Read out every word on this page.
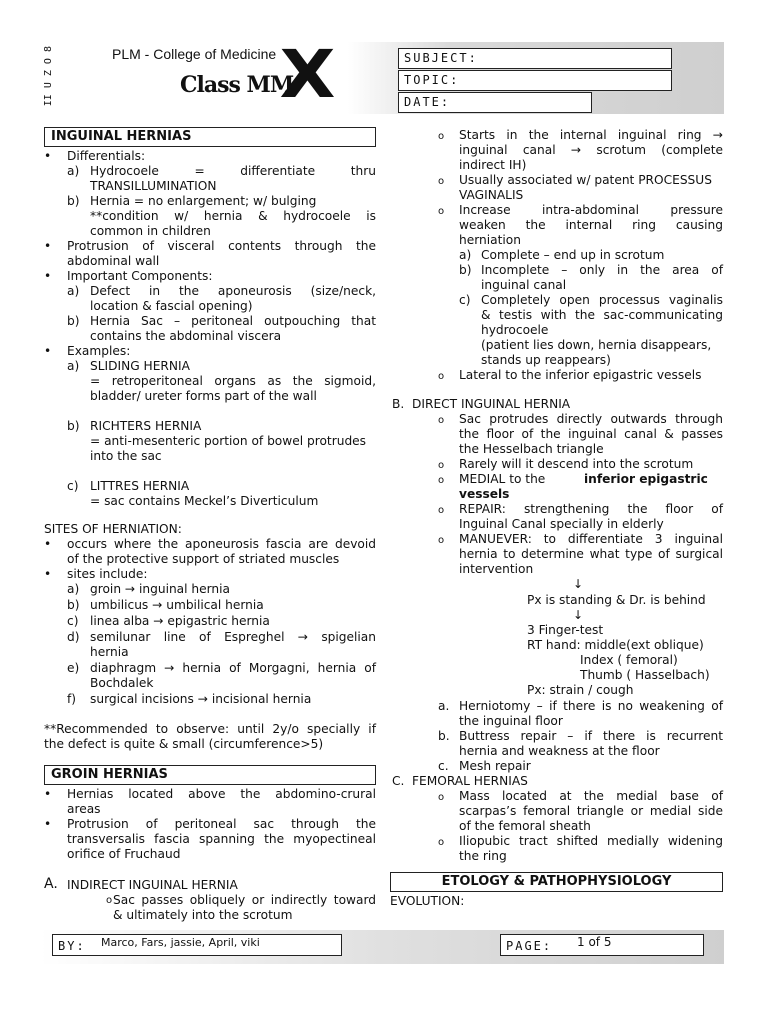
II U Z O 8	PLM - College of Medicine
Class MM
X	SUBJECT:
TOPIC:
DATE:
INGUINAL HERNIAS
• Differentials:
a) Hydrocoele = differentiate thru
TRANSILLUMINATION
b) Hernia = no enlargement; w/ bulging
**condition w/ hernia & hydrocoele is
common in children
• Protrusion of visceral contents through the
abdominal wall
• Important Components:
a) Defect in the aponeurosis (size/neck,
location & fascial opening)
b) Hernia Sac – peritoneal outpouching that
contains the abdominal viscera
• Examples:
a) SLIDING HERNIA
= retroperitoneal organs as the sigmoid,
bladder/ ureter forms part of the wall
b) RICHTERS HERNIA
= anti-mesenteric portion of bowel protrudes
into the sac
c) LITTRES HERNIA
= sac contains Meckel’s Diverticulum
SITES OF HERNIATION:
• occurs where the aponeurosis fascia are devoid
of the protective support of striated muscles
• sites include:
a) groin → inguinal hernia
b) umbilicus → umbilical hernia
c) linea alba → epigastric hernia
d) semilunar line of Espreghel → spigelian
hernia
e) diaphragm → hernia of Morgagni, hernia of
Bochdalek
f) surgical incisions → incisional hernia
**Recommended to observe: until 2y/o specially if
the defect is quite & small (circumference>5)
GROIN HERNIAS
• Hernias located above the abdomino-crural
areas
• Protrusion of peritoneal sac through the
transversalis fascia spanning the myopectineal
orifice of Fruchaud
A. INDIRECT INGUINAL HERNIA
o Sac passes obliquely or indirectly toward
& ultimately into the scrotum
o Starts in the internal inguinal ring →
inguinal canal → scrotum (complete
indirect IH)
o Usually associated w/ patent PROCESSUS
VAGINALIS
o Increase intra-abdominal pressure
weaken the internal ring causing
herniation
a) Complete – end up in scrotum
b) Incomplete – only in the area of
inguinal canal
c) Completely open processus vaginalis
& testis with the sac-communicating
hydrocoele
(patient lies down, hernia disappears,
stands up reappears)
o Lateral to the inferior epigastric vessels
B. DIRECT INGUINAL HERNIA
o Sac protrudes directly outwards through
the floor of the inguinal canal & passes
the Hesselbach triangle
o Rarely will it descend into the scrotum
o MEDIAL to the	inferior epigastric
vessels
o REPAIR: strengthening the floor of
Inguinal Canal specially in elderly
o MANUEVER: to differentiate 3 inguinal
hernia to determine what type of surgical
intervention
↓
Px is standing & Dr. is behind
↓
3 Finger-test
RT hand: middle(ext oblique)
Index ( femoral)
Thumb ( Hasselbach)
Px: strain / cough
a. Herniotomy – if there is no weakening of
the inguinal floor
b. Buttress repair – if there is recurrent
hernia and weakness at the floor
c. Mesh repair
C. FEMORAL HERNIAS
o Mass located at the medial base of
scarpas’s femoral triangle or medial side
of the femoral sheath
o Iliopubic tract shifted medially widening
the ring
ETOLOGY & PATHOPHYSIOLOGY
EVOLUTION:
BY: Marco, Fars, jassie, April, viki	PAGE: 1 of 5
